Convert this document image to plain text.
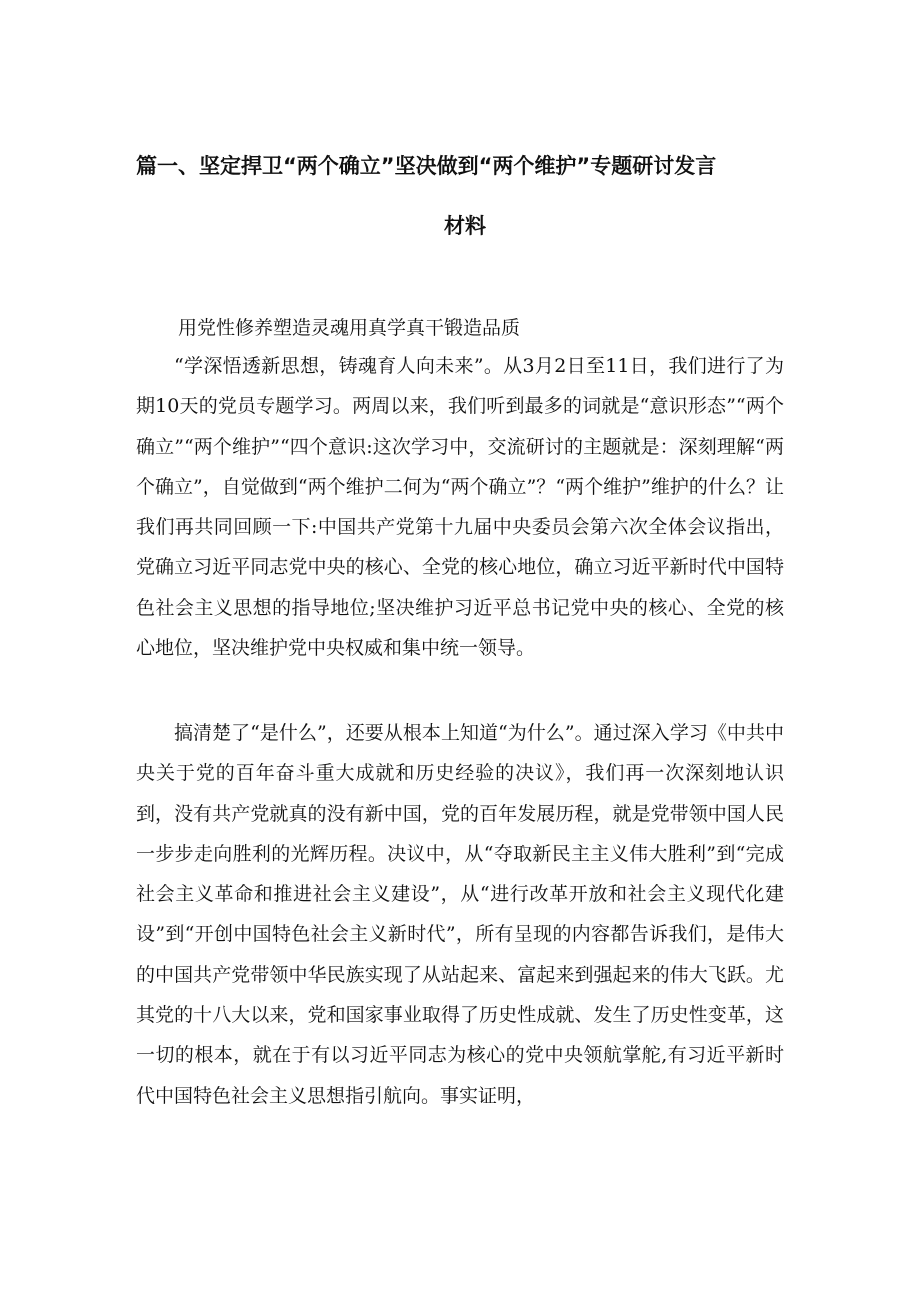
篇一、坚定捍卫“两个确立”坚决做到“两个维护”专题研讨发言
材料
用党性修养塑造灵魂用真学真干锻造品质

“学深悟透新思想，铸魂育人向未来”。从3月2日至11日，我们进行了为期10天的党员专题学习。两周以来，我们听到最多的词就是“意识形态”“两个确立”“两个维护”“四个意识:这次学习中，交流研讨的主题就是：深刻理解“两个确立”，自觉做到“两个维护二何为“两个确立”？“两个维护”维护的什么？让我们再共同回顾一下:中国共产党第十九届中央委员会第六次全体会议指出，党确立习近平同志党中央的核心、全党的核心地位，确立习近平新时代中国特色社会主义思想的指导地位;坚决维护习近平总书记党中央的核心、全党的核心地位，坚决维护党中央权威和集中统一领导。

搞清楚了“是什么”，还要从根本上知道“为什么”。通过深入学习《中共中央关于党的百年奋斗重大成就和历史经验的决议》，我们再一次深刻地认识到，没有共产党就真的没有新中国，党的百年发展历程，就是党带领中国人民一步步走向胜利的光辉历程。决议中，从“夺取新民主主义伟大胜利”到“完成社会主义革命和推进社会主义建设”，从“进行改革开放和社会主义现代化建设”到“开创中国特色社会主义新时代”，所有呈现的内容都告诉我们，是伟大的中国共产党带领中华民族实现了从站起来、富起来到强起来的伟大飞跃。尤其党的十八大以来，党和国家事业取得了历史性成就、发生了历史性变革，这一切的根本，就在于有以习近平同志为核心的党中央领航掌舵,有习近平新时代中国特色社会主义思想指引航向。事实证明，
